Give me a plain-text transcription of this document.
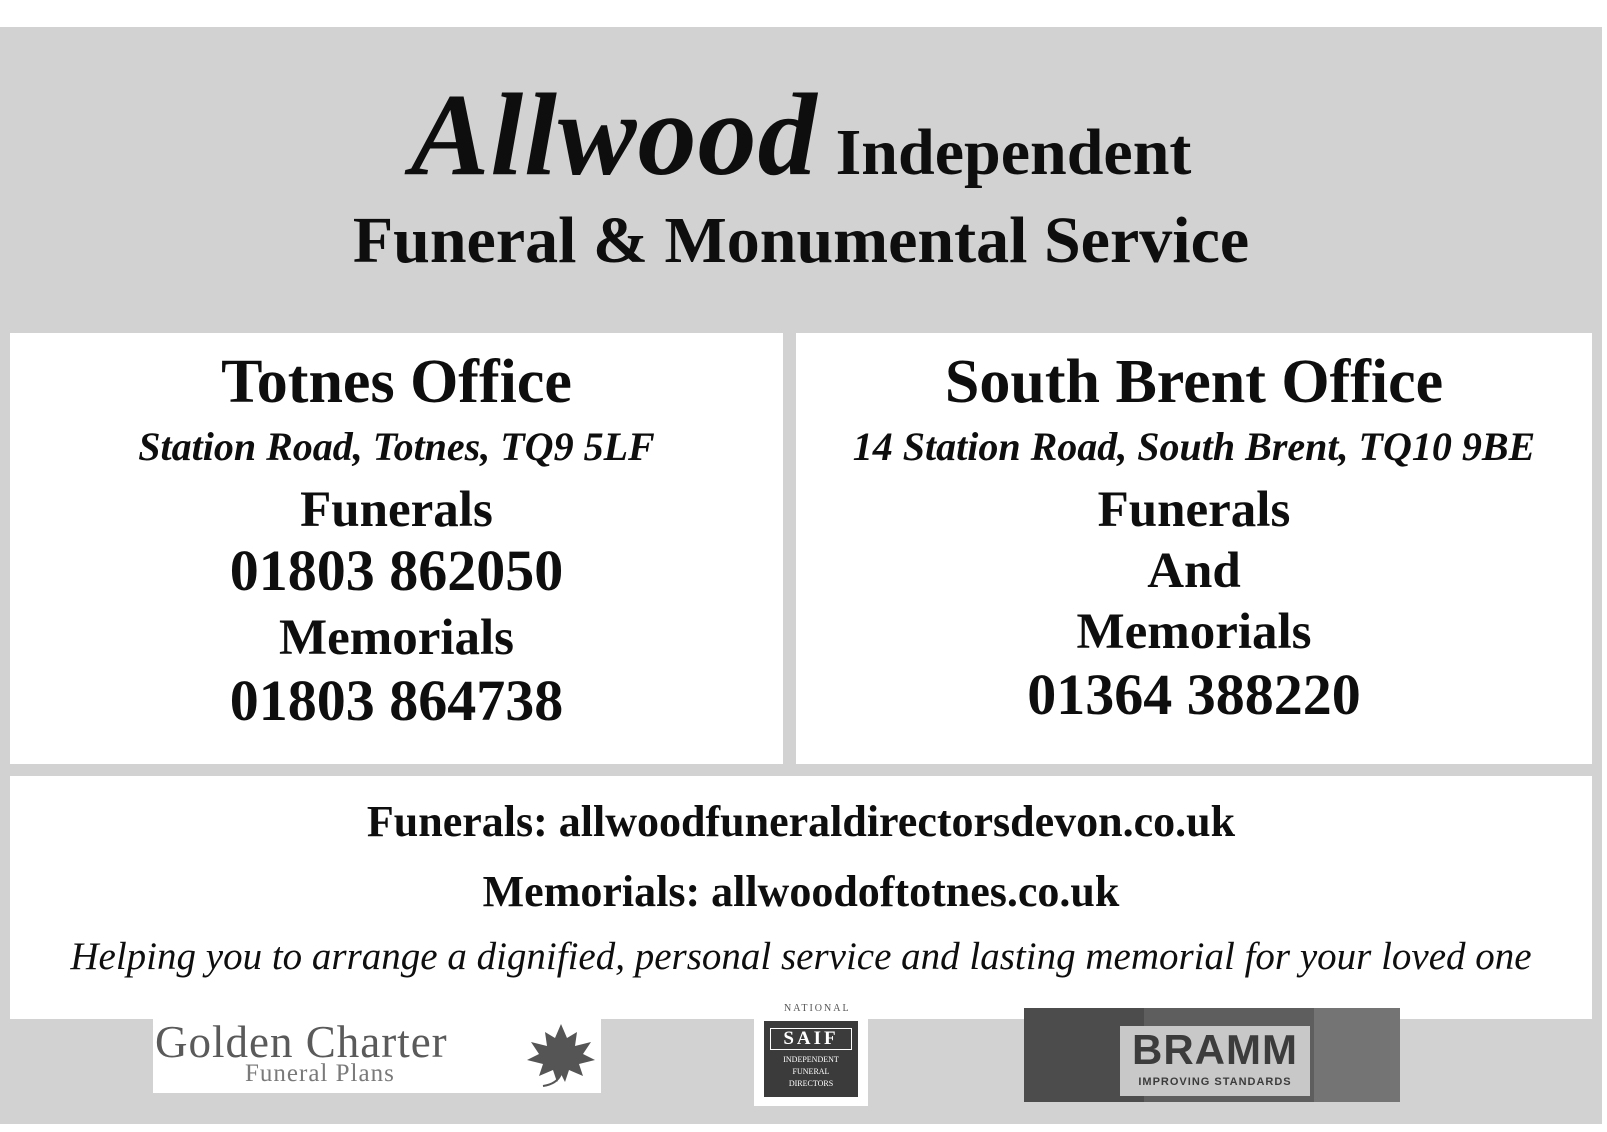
Allwood Independent
Funeral & Monumental Service
Totnes Office
Station Road, Totnes, TQ9 5LF
Funerals
01803 862050
Memorials
01803 864738
South Brent Office
14 Station Road, South Brent, TQ10 9BE
Funerals
And
Memorials
01364 388220
Funerals: allwoodfuneraldirectorsdevon.co.uk
Memorials: allwoodoftotnes.co.uk
Helping you to arrange a dignified, personal service and lasting memorial for your loved one
Golden Charter
Funeral Plans
NATIONAL
SAIF
INDEPENDENT
FUNERAL
DIRECTORS
BRAMM
IMPROVING STANDARDS
